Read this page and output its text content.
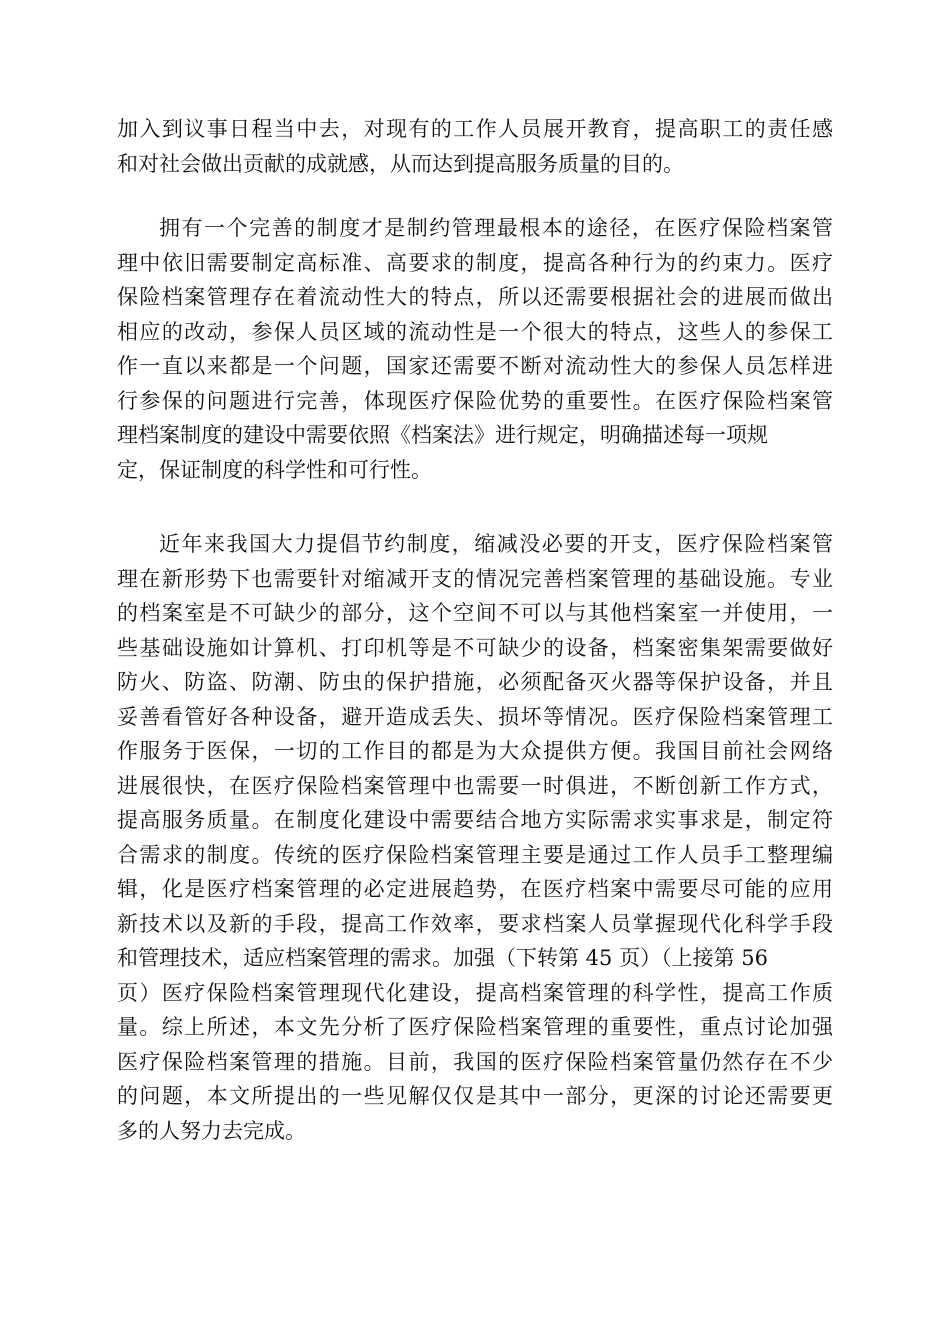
加入到议事日程当中去，对现有的工作人员展开教育，提高职工的责任感
和对社会做出贡献的成就感，从而达到提高服务质量的目的。
拥有一个完善的制度才是制约管理最根本的途径，在医疗保险档案管
理中依旧需要制定高标准、高要求的制度，提高各种行为的约束力。医疗
保险档案管理存在着流动性大的特点，所以还需要根据社会的进展而做出
相应的改动，参保人员区域的流动性是一个很大的特点，这些人的参保工
作一直以来都是一个问题，国家还需要不断对流动性大的参保人员怎样进
行参保的问题进行完善，体现医疗保险优势的重要性。在医疗保险档案管
理档案制度的建设中需要依照《档案法》进行规定，明确描述每一项规
定，保证制度的科学性和可行性。
近年来我国大力提倡节约制度，缩减没必要的开支，医疗保险档案管
理在新形势下也需要针对缩减开支的情况完善档案管理的基础设施。专业
的档案室是不可缺少的部分，这个空间不可以与其他档案室一并使用，一
些基础设施如计算机、打印机等是不可缺少的设备，档案密集架需要做好
防火、防盗、防潮、防虫的保护措施，必须配备灭火器等保护设备，并且
妥善看管好各种设备，避开造成丢失、损坏等情况。医疗保险档案管理工
作服务于医保，一切的工作目的都是为大众提供方便。我国目前社会网络
进展很快，在医疗保险档案管理中也需要一时俱进，不断创新工作方式，
提高服务质量。在制度化建设中需要结合地方实际需求实事求是，制定符
合需求的制度。传统的医疗保险档案管理主要是通过工作人员手工整理编
辑，化是医疗档案管理的必定进展趋势，在医疗档案中需要尽可能的应用
新技术以及新的手段，提高工作效率，要求档案人员掌握现代化科学手段
和管理技术，适应档案管理的需求。加强（下转第 45 页）（上接第 56
页）医疗保险档案管理现代化建设，提高档案管理的科学性，提高工作质
量。综上所述，本文先分析了医疗保险档案管理的重要性，重点讨论加强
医疗保险档案管理的措施。目前，我国的医疗保险档案管量仍然存在不少
的问题，本文所提出的一些见解仅仅是其中一部分，更深的讨论还需要更
多的人努力去完成。
